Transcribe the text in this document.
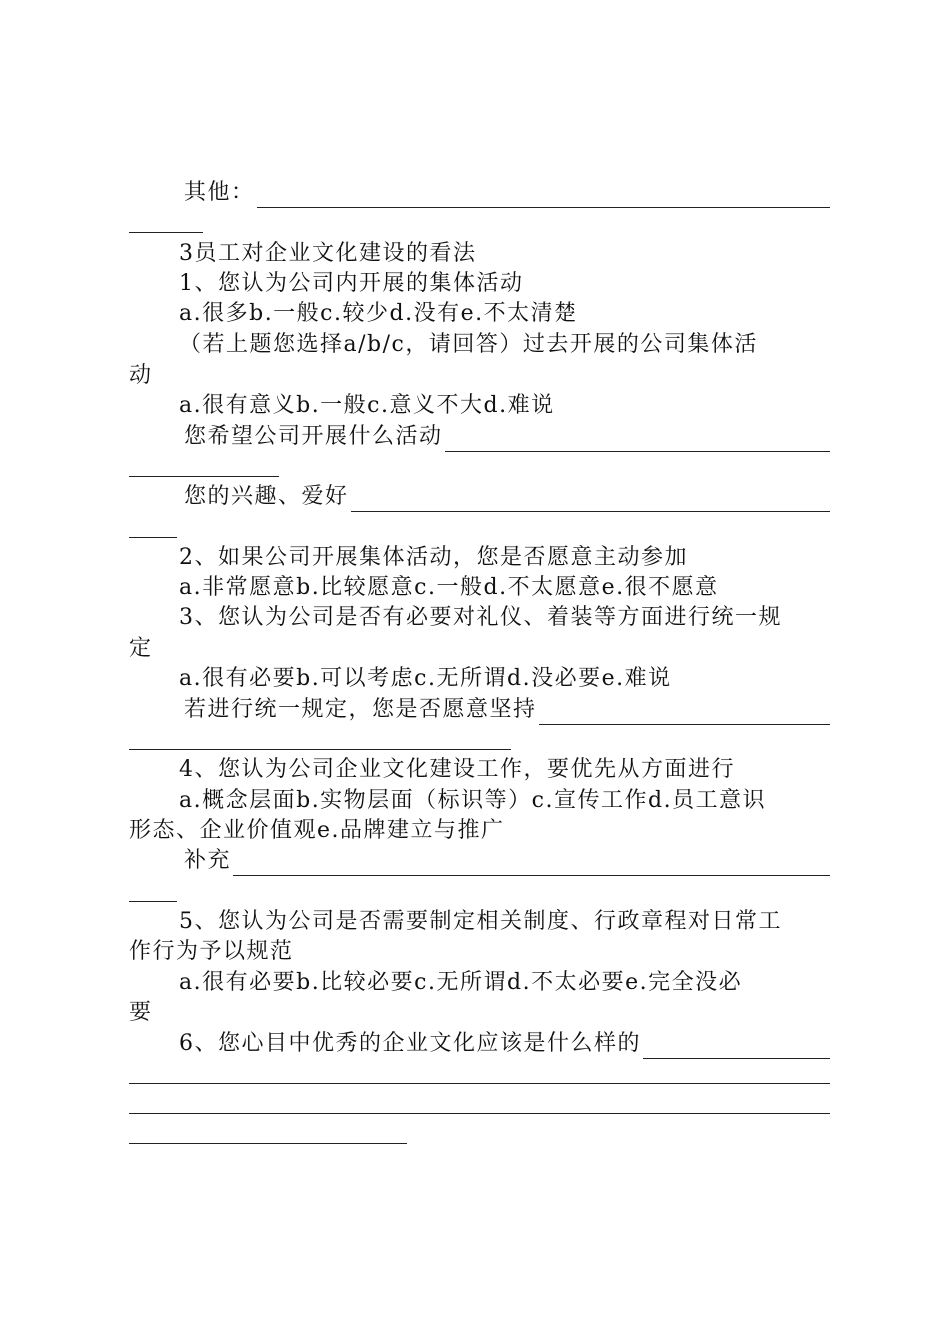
其他：
3员工对企业文化建设的看法
1、您认为公司内开展的集体活动
a.很多b.一般c.较少d.没有e.不太清楚
（若上题您选择a/b/c，请回答）过去开展的公司集体活
动
a.很有意义b.一般c.意义不大d.难说
您希望公司开展什么活动
您的兴趣、爱好
2、如果公司开展集体活动，您是否愿意主动参加
a.非常愿意b.比较愿意c.一般d.不太愿意e.很不愿意
3、您认为公司是否有必要对礼仪、着装等方面进行统一规
定
a.很有必要b.可以考虑c.无所谓d.没必要e.难说
若进行统一规定，您是否愿意坚持
4、您认为公司企业文化建设工作，要优先从方面进行
a.概念层面b.实物层面（标识等）c.宣传工作d.员工意识
形态、企业价值观e.品牌建立与推广
补充
5、您认为公司是否需要制定相关制度、行政章程对日常工
作行为予以规范
a.很有必要b.比较必要c.无所谓d.不太必要e.完全没必
要
6、您心目中优秀的企业文化应该是什么样的
